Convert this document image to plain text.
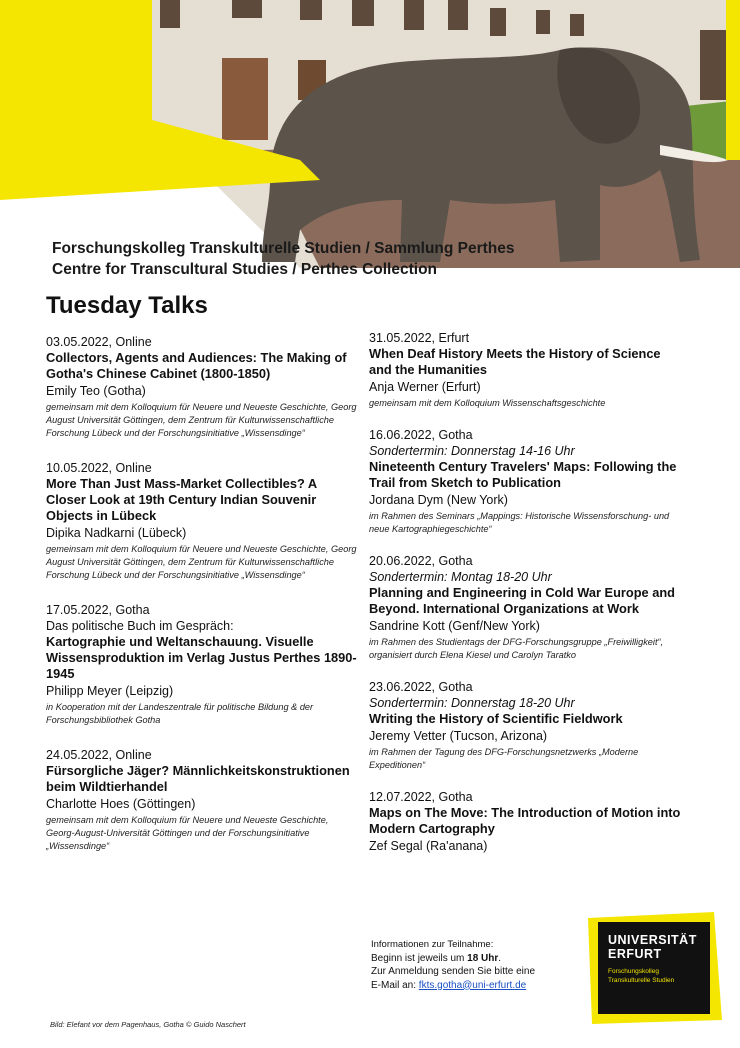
Forschungskolleg Transkulturelle Studien / Sammlung Perthes
Centre for Transcultural Studies / Perthes Collection
Tuesday Talks
03.05.2022, Online
Collectors, Agents and Audiences: The Making of Gotha's Chinese Cabinet (1800-1850)
Emily Teo (Gotha)
gemeinsam mit dem Kolloquium für Neuere und Neueste Geschichte, Georg August Universität Göttingen, dem Zentrum für Kulturwissenschaftliche Forschung Lübeck und der Forschungsinitiative „Wissensdinge“
10.05.2022, Online
More Than Just Mass-Market Collectibles? A Closer Look at 19th Century Indian Souvenir Objects in Lübeck
Dipika Nadkarni (Lübeck)
gemeinsam mit dem Kolloquium für Neuere und Neueste Geschichte, Georg August Universität Göttingen, dem Zentrum für Kulturwissenschaftliche Forschung Lübeck und der Forschungsinitiative „Wissensdinge“
17.05.2022, Gotha
Das politische Buch im Gespräch:
Kartographie und Weltanschauung. Visuelle Wissensproduktion im Verlag Justus Perthes 1890-1945
Philipp Meyer (Leipzig)
in Kooperation mit der Landeszentrale für politische Bildung & der Forschungsbibliothek Gotha
24.05.2022, Online
Fürsorgliche Jäger? Männlichkeitskonstruktionen beim Wildtierhandel
Charlotte Hoes (Göttingen)
gemeinsam mit dem Kolloquium für Neuere und Neueste Geschichte, Georg-August-Universität Göttingen und der Forschungsinitiative „Wissensdinge“
31.05.2022, Erfurt
When Deaf History Meets the History of Science and the Humanities
Anja Werner (Erfurt)
gemeinsam mit dem Kolloquium Wissenschaftsgeschichte
16.06.2022, Gotha
Sondertermin: Donnerstag 14-16 Uhr
Nineteenth Century Travelers' Maps: Following the Trail from Sketch to Publication
Jordana Dym (New York)
im Rahmen des Seminars „Mappings: Historische Wissensforschung- und neue Kartographiegeschichte“
20.06.2022, Gotha
Sondertermin: Montag 18-20 Uhr
Planning and Engineering in Cold War Europe and Beyond. International Organizations at Work
Sandrine Kott (Genf/New York)
im Rahmen des Studientags der DFG-Forschungsgruppe „Freiwilligkeit“, organisiert durch Elena Kiesel und Carolyn Taratko
23.06.2022, Gotha
Sondertermin: Donnerstag 18-20 Uhr
Writing the History of Scientific Fieldwork
Jeremy Vetter (Tucson, Arizona)
im Rahmen der Tagung des DFG-Forschungsnetzwerks „Moderne Expeditionen“
12.07.2022, Gotha
Maps on The Move: The Introduction of Motion into Modern Cartography
Zef Segal (Ra'anana)
Informationen zur Teilnahme:
Beginn ist jeweils um 18 Uhr.
Zur Anmeldung senden Sie bitte eine
E-Mail an: fkts.gotha@uni-erfurt.de
UNIVERSITÄT
ERFURT
Forschungskolleg
Transkulturelle Studien
Bild: Elefant vor dem Pagenhaus, Gotha © Guido Naschert
